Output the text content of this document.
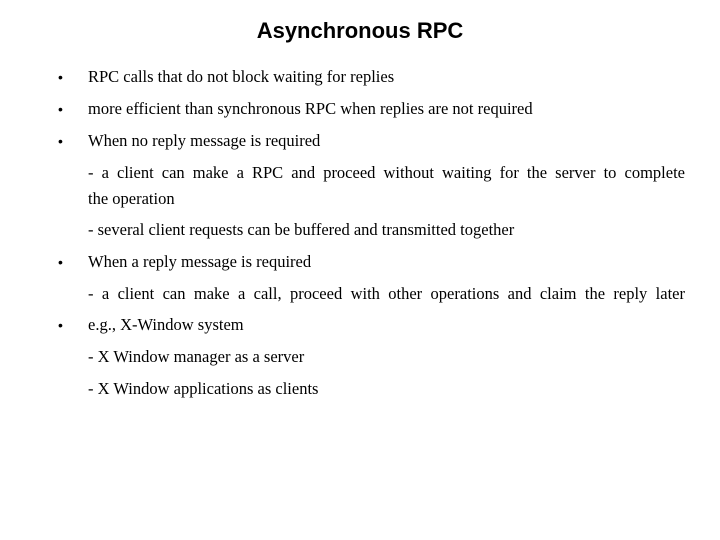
Asynchronous RPC
• RPC calls that do not block waiting for replies
• more efficient than synchronous RPC when replies are not required
• When no reply message is required
- a client can make a RPC and proceed without waiting for the server to complete
the operation
- several client requests can be buffered and transmitted together
• When a reply message is required
- a client can make a call, proceed with other operations and claim the reply later
• e.g., X-Window system
- X Window manager as a server
- X Window applications as clients
